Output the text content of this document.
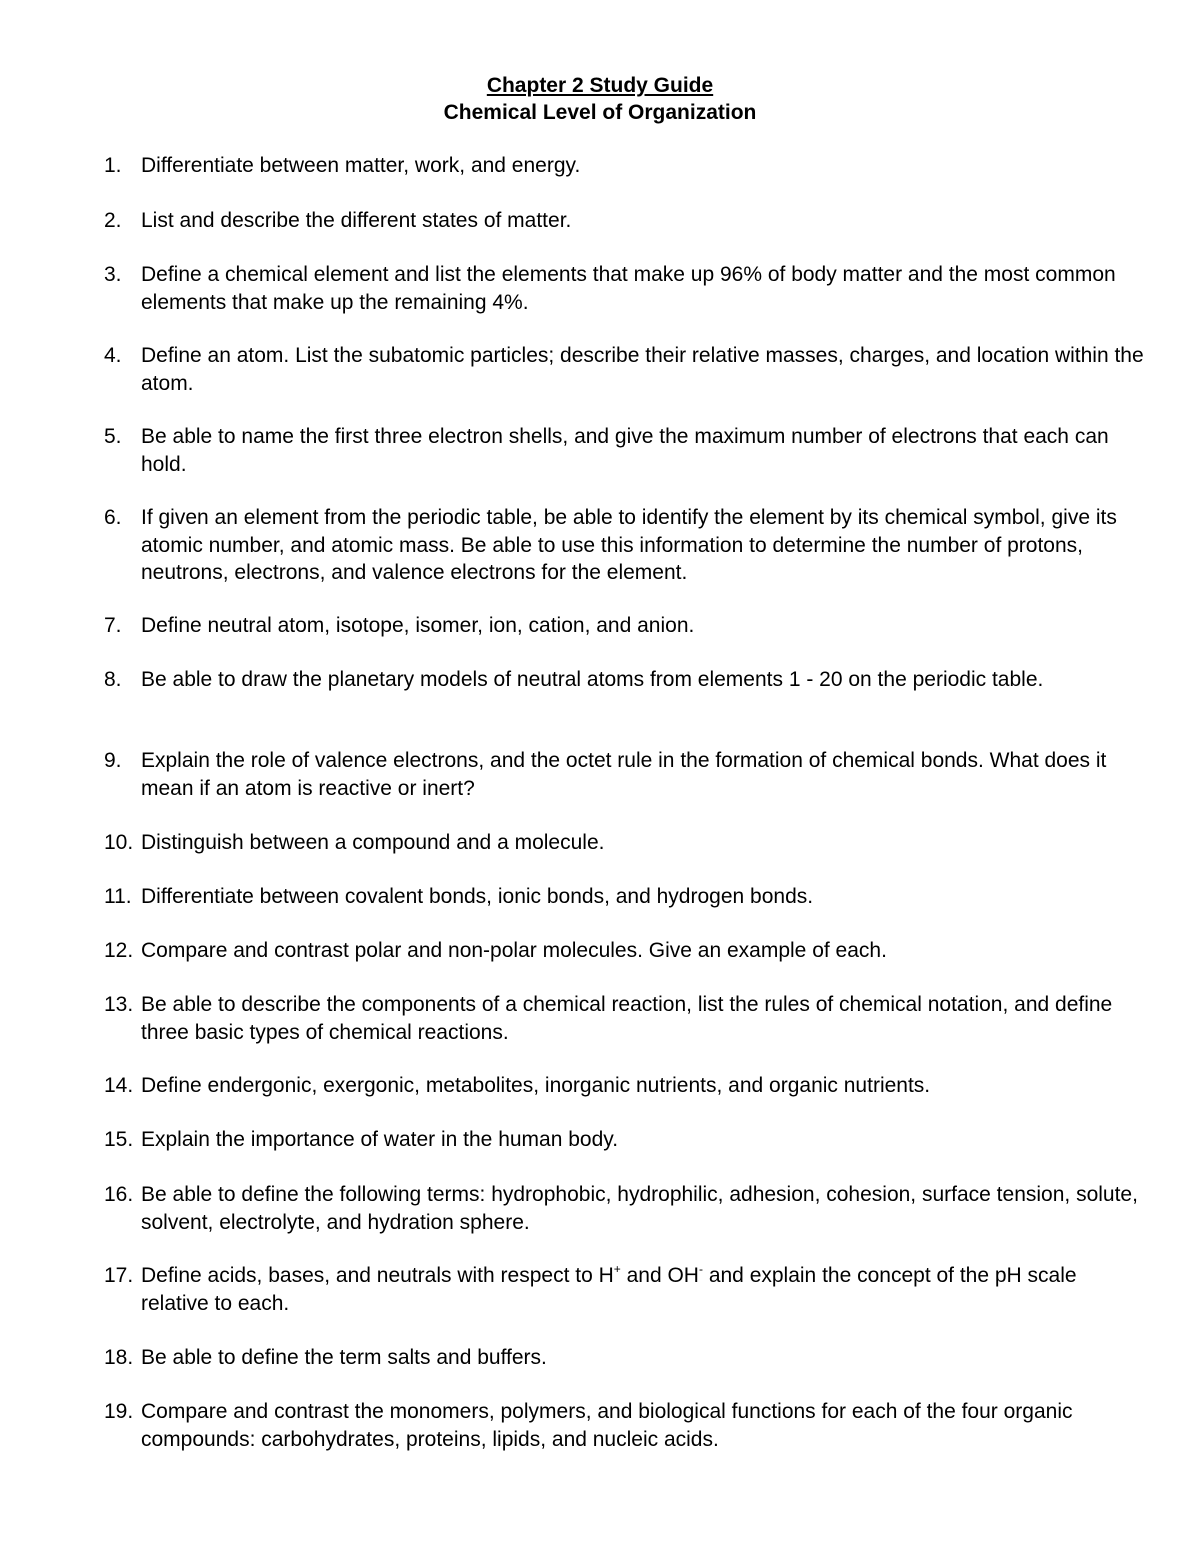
Chapter 2 Study Guide
Chemical Level of Organization
1. Differentiate between matter, work, and energy.
2. List and describe the different states of matter.
3. Define a chemical element and list the elements that make up 96% of body matter and the most common elements that make up the remaining 4%.
4. Define an atom. List the subatomic particles; describe their relative masses, charges, and location within the atom.
5. Be able to name the first three electron shells, and give the maximum number of electrons that each can hold.
6. If given an element from the periodic table, be able to identify the element by its chemical symbol, give its atomic number, and atomic mass. Be able to use this information to determine the number of protons, neutrons, electrons, and valence electrons for the element.
7. Define neutral atom, isotope, isomer, ion, cation, and anion.
8. Be able to draw the planetary models of neutral atoms from elements 1 - 20 on the periodic table.
9. Explain the role of valence electrons, and the octet rule in the formation of chemical bonds. What does it mean if an atom is reactive or inert?
10. Distinguish between a compound and a molecule.
11. Differentiate between covalent bonds, ionic bonds, and hydrogen bonds.
12. Compare and contrast polar and non-polar molecules. Give an example of each.
13. Be able to describe the components of a chemical reaction, list the rules of chemical notation, and define three basic types of chemical reactions.
14. Define endergonic, exergonic, metabolites, inorganic nutrients, and organic nutrients.
15. Explain the importance of water in the human body.
16. Be able to define the following terms: hydrophobic, hydrophilic, adhesion, cohesion, surface tension, solute, solvent, electrolyte, and hydration sphere.
17. Define acids, bases, and neutrals with respect to H+ and OH- and explain the concept of the pH scale relative to each.
18. Be able to define the term salts and buffers.
19. Compare and contrast the monomers, polymers, and biological functions for each of the four organic compounds: carbohydrates, proteins, lipids, and nucleic acids.
